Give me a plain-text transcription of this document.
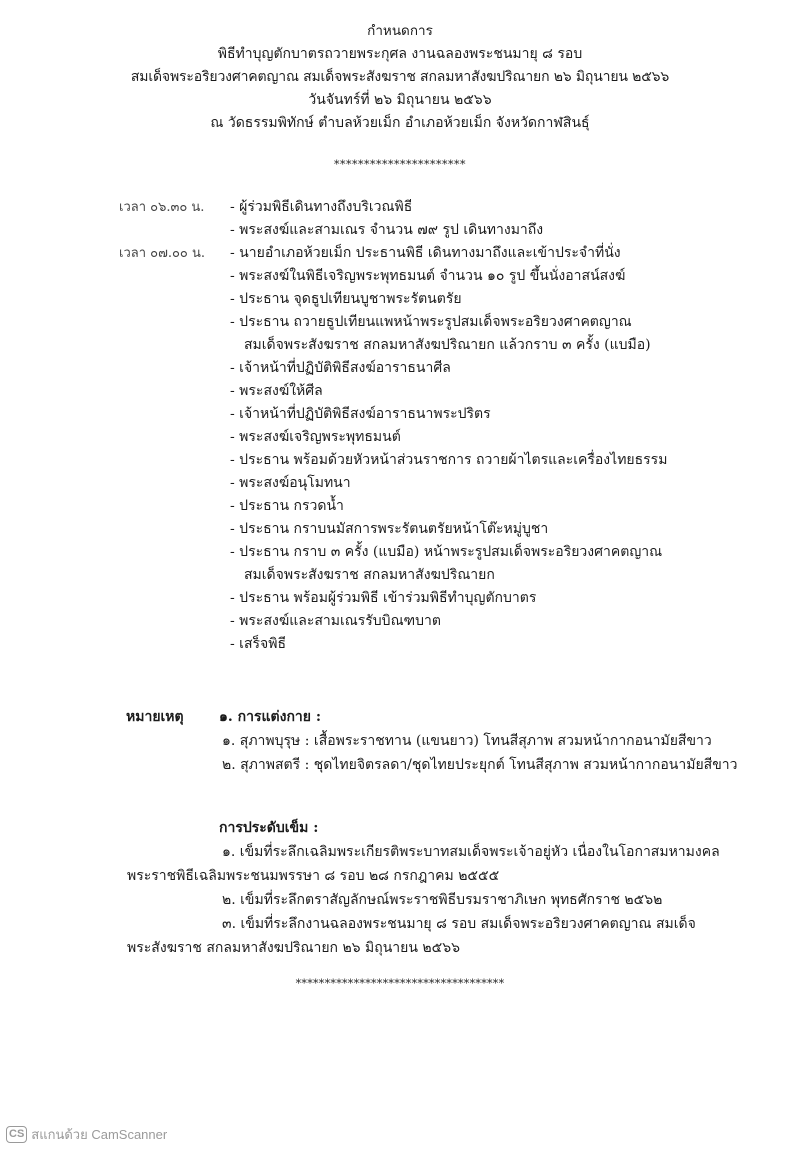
กำหนดการ
พิธีทำบุญตักบาตรถวายพระกุศล งานฉลองพระชนมายุ ๘ รอบ
สมเด็จพระอริยวงศาคตญาณ สมเด็จพระสังฆราช สกลมหาสังฆปริณายก ๒๖ มิถุนายน ๒๕๖๖
วันจันทร์ที่ ๒๖ มิถุนายน ๒๕๖๖
ณ วัดธรรมพิทักษ์ ตำบลห้วยเม็ก อำเภอห้วยเม็ก จังหวัดกาฬสินธุ์
**********************
เวลา ๐๖.๓๐ น. - ผู้ร่วมพิธีเดินทางถึงบริเวณพิธี
- พระสงฆ์และสามเณร จำนวน ๗๙ รูป เดินทางมาถึง
เวลา ๐๗.๐๐ น. - นายอำเภอห้วยเม็ก ประธานพิธี เดินทางมาถึงและเข้าประจำที่นั่ง
- พระสงฆ์ในพิธีเจริญพระพุทธมนต์ จำนวน ๑๐ รูป ขึ้นนั่งอาสน์สงฆ์
- ประธาน จุดธูปเทียนบูชาพระรัตนตรัย
- ประธาน ถวายธูปเทียนแพหน้าพระรูปสมเด็จพระอริยวงศาคตญาณ
สมเด็จพระสังฆราช สกลมหาสังฆปริณายก แล้วกราบ ๓ ครั้ง (แบมือ)
- เจ้าหน้าที่ปฏิบัติพิธีสงฆ์อาราธนาศีล
- พระสงฆ์ให้ศีล
- เจ้าหน้าที่ปฏิบัติพิธีสงฆ์อาราธนาพระปริตร
- พระสงฆ์เจริญพระพุทธมนต์
- ประธาน พร้อมด้วยหัวหน้าส่วนราชการ ถวายผ้าไตรและเครื่องไทยธรรม
- พระสงฆ์อนุโมทนา
- ประธาน กรวดน้ำ
- ประธาน กราบนมัสการพระรัตนตรัยหน้าโต๊ะหมู่บูชา
- ประธาน กราบ ๓ ครั้ง (แบมือ) หน้าพระรูปสมเด็จพระอริยวงศาคตญาณ
สมเด็จพระสังฆราช สกลมหาสังฆปริณายก
- ประธาน พร้อมผู้ร่วมพิธี เข้าร่วมพิธีทำบุญตักบาตร
- พระสงฆ์และสามเณรรับบิณฑบาต
- เสร็จพิธี
หมายเหตุ	๑. การแต่งกาย :
๑. สุภาพบุรุษ : เสื้อพระราชทาน (แขนยาว) โทนสีสุภาพ สวมหน้ากากอนามัยสีขาว
๒. สุภาพสตรี : ชุดไทยจิตรลดา/ชุดไทยประยุกต์ โทนสีสุภาพ สวมหน้ากากอนามัยสีขาว
การประดับเข็ม :
๑. เข็มที่ระลึกเฉลิมพระเกียรติพระบาทสมเด็จพระเจ้าอยู่หัว เนื่องในโอกาสมหามงคล
พระราชพิธีเฉลิมพระชนมพรรษา ๘ รอบ ๒๘ กรกฎาคม ๒๕๕๕
๒. เข็มที่ระลึกตราสัญลักษณ์พระราชพิธีบรมราชาภิเษก พุทธศักราช ๒๕๖๒
๓. เข็มที่ระลึกงานฉลองพระชนมายุ ๘ รอบ สมเด็จพระอริยวงศาคตญาณ สมเด็จ
พระสังฆราช สกลมหาสังฆปริณายก ๒๖ มิถุนายน ๒๕๖๖
************************************
CS สแกนด้วย CamScanner
